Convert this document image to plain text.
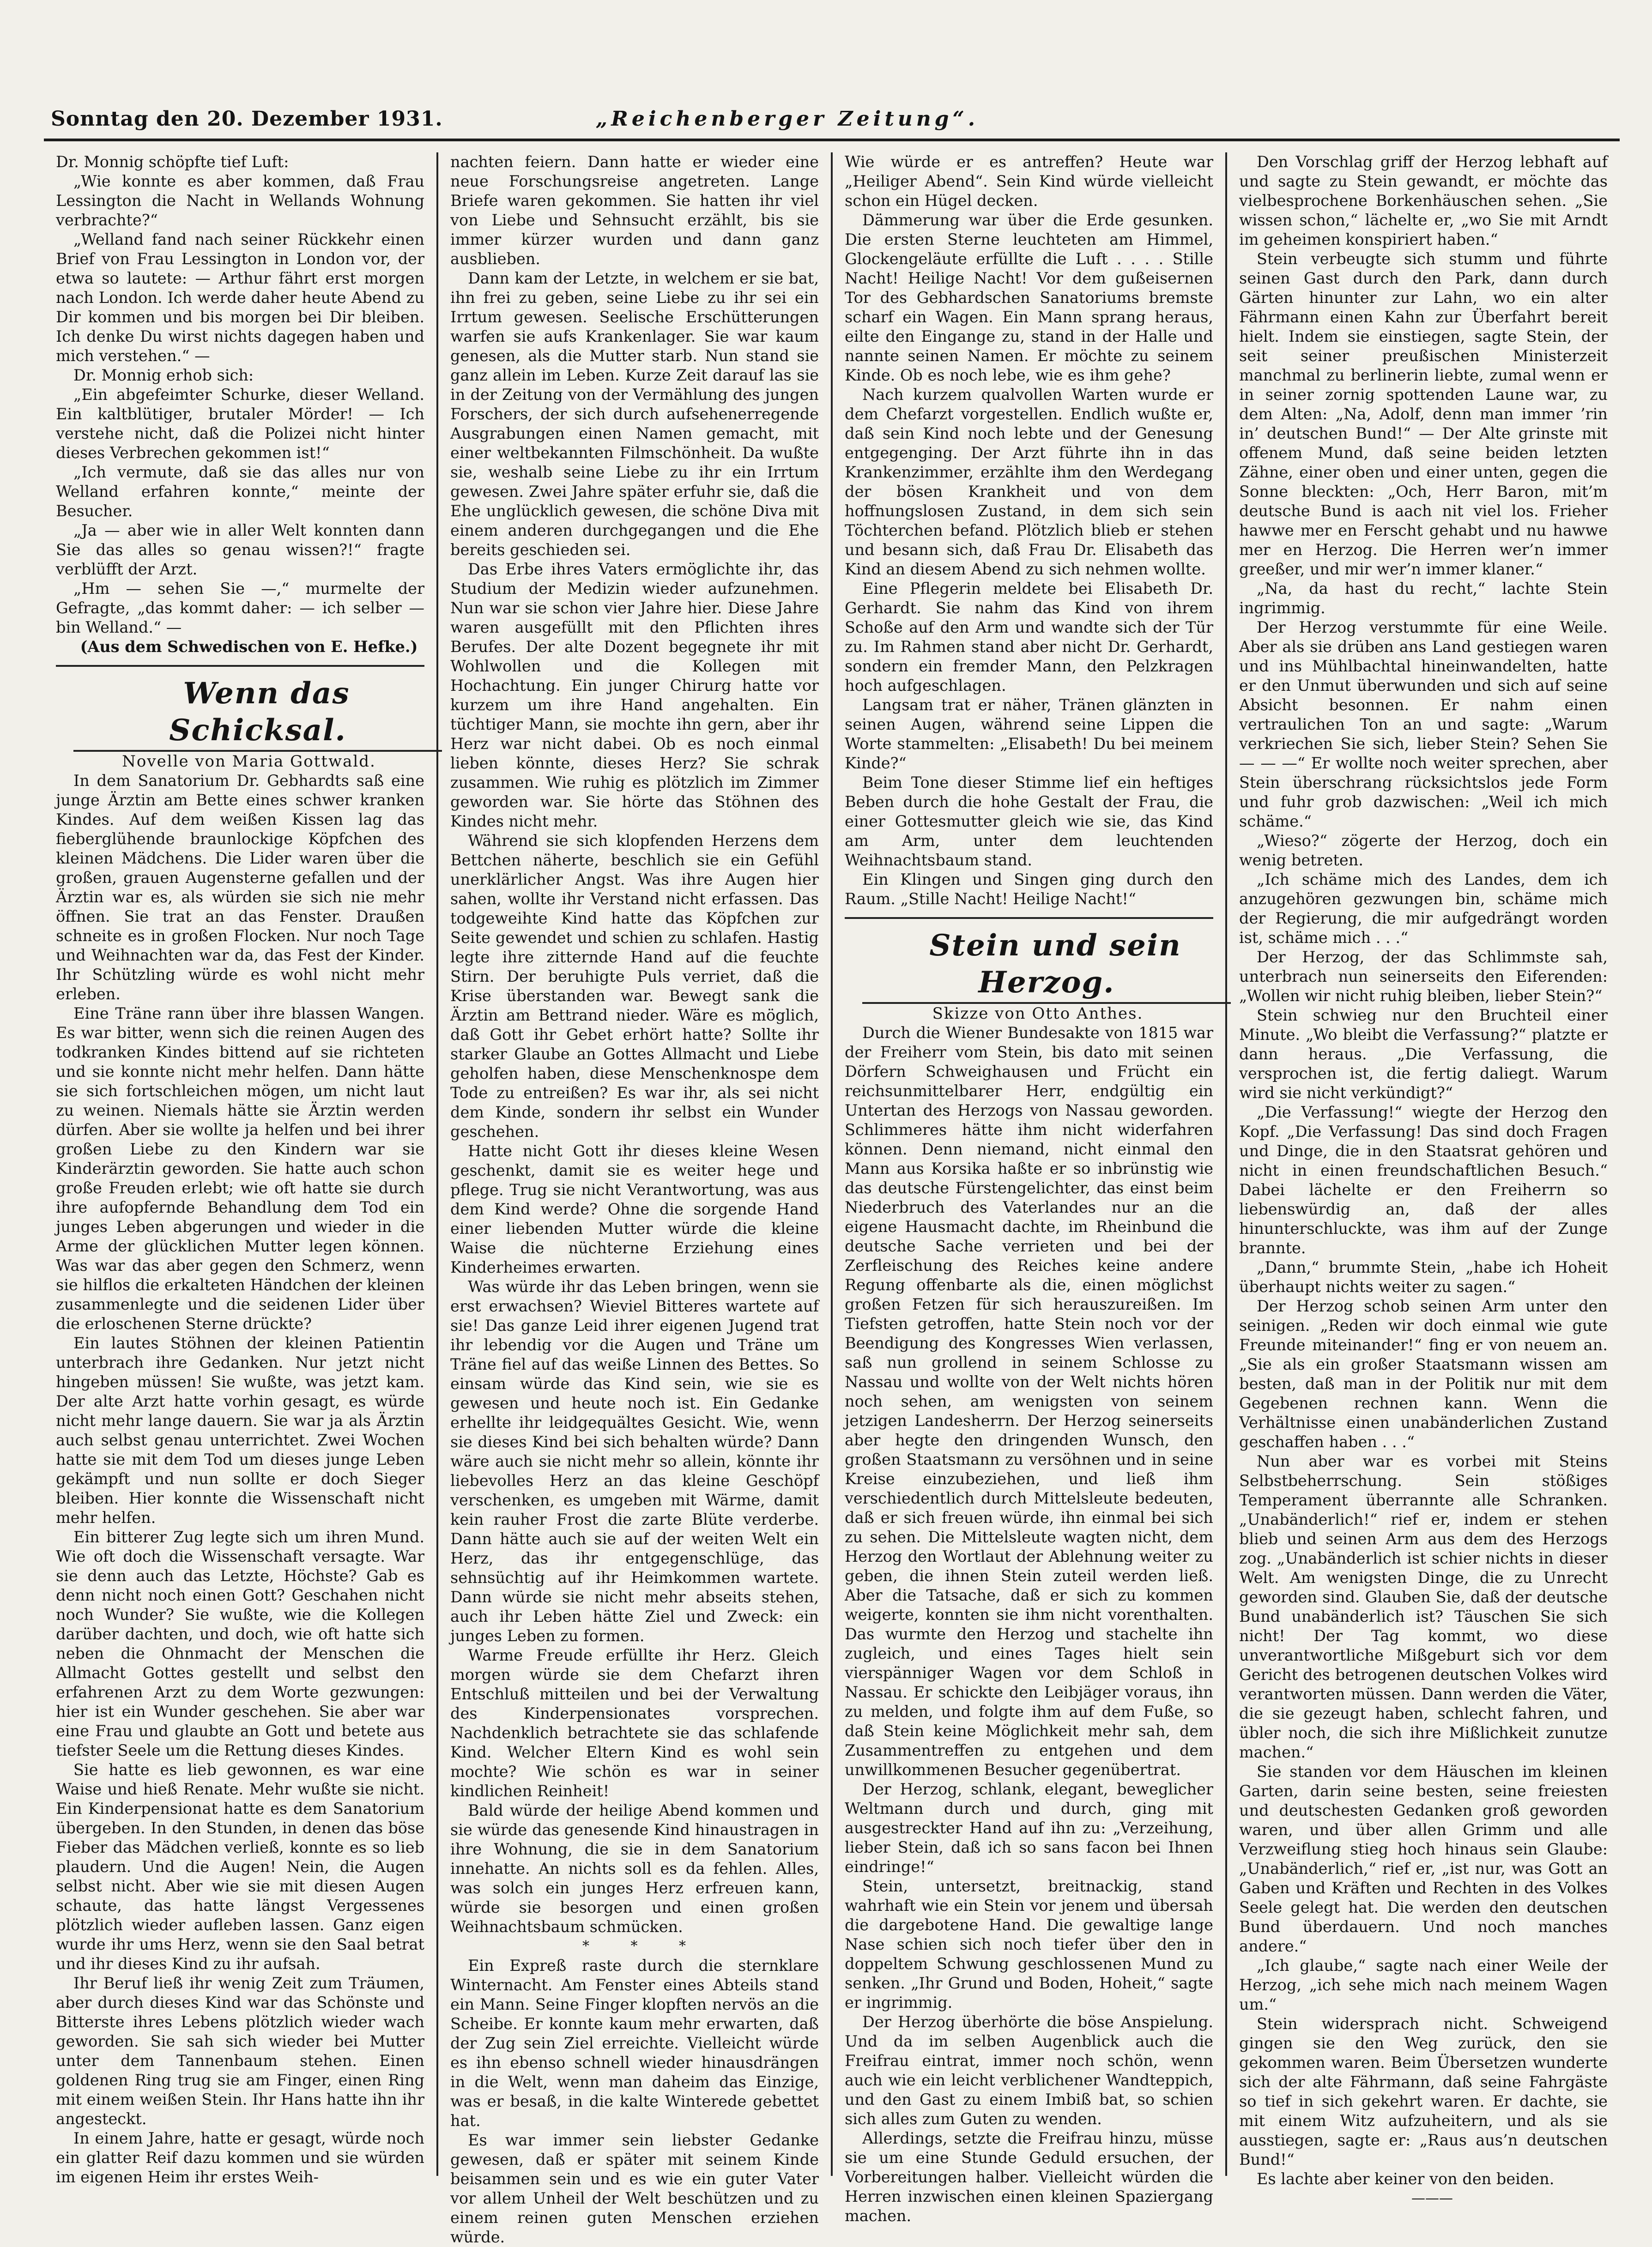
Sonntag den 20. Dezember 1931.	„Reichenberger Zeitung“.

Dr. Monnig schöpfte tief Luft:

„Wie konnte es aber kommen, daß Frau Lessington die Nacht in Wellands Wohnung verbrachte?“

„Welland fand nach seiner Rückkehr einen Brief von Frau Lessington in London vor, der etwa so lautete: — Arthur fährt erst morgen nach London. Ich werde daher heute Abend zu Dir kommen und bis morgen bei Dir bleiben. Ich denke Du wirst nichts dagegen haben und mich verstehen.“ —

Dr. Monnig erhob sich:

„Ein abgefeimter Schurke, dieser Welland. Ein kaltblütiger, brutaler Mörder! — Ich verstehe nicht, daß die Polizei nicht hinter dieses Verbrechen gekommen ist!“

„Ich vermute, daß sie das alles nur von Welland erfahren konnte,“ meinte der Besucher.

„Ja — aber wie in aller Welt konnten dann Sie das alles so genau wissen?!“ fragte verblüfft der Arzt.

„Hm — sehen Sie —,“ murmelte der Gefragte, „das kommt daher: — ich selber — bin Welland.“ —

(Aus dem Schwedischen von E. Hefke.)

Wenn das Schicksal.

Novelle von Maria Gottwald.

In dem Sanatorium Dr. Gebhardts saß eine junge Ärztin am Bette eines schwer kranken Kindes. Auf dem weißen Kissen lag das fieberglühende braunlockige Köpfchen des kleinen Mädchens. Die Lider waren über die großen, grauen Augensterne gefallen und der Ärztin war es, als würden sie sich nie mehr öffnen. Sie trat an das Fenster. Draußen schneite es in großen Flocken. Nur noch Tage und Weihnachten war da, das Fest der Kinder. Ihr Schützling würde es wohl nicht mehr erleben.

Eine Träne rann über ihre blassen Wangen. Es war bitter, wenn sich die reinen Augen des todkranken Kindes bittend auf sie richteten und sie konnte nicht mehr helfen. Dann hätte sie sich fortschleichen mögen, um nicht laut zu weinen. Niemals hätte sie Ärztin werden dürfen. Aber sie wollte ja helfen und bei ihrer großen Liebe zu den Kindern war sie Kinderärztin geworden. Sie hatte auch schon große Freuden erlebt; wie oft hatte sie durch ihre aufopfernde Behandlung dem Tod ein junges Leben abgerungen und wieder in die Arme der glücklichen Mutter legen können. Was war das aber gegen den Schmerz, wenn sie hilflos die erkalteten Händchen der kleinen zusammenlegte und die seidenen Lider über die erloschenen Sterne drückte?

Ein lautes Stöhnen der kleinen Patientin unterbrach ihre Gedanken. Nur jetzt nicht hingeben müssen! Sie wußte, was jetzt kam. Der alte Arzt hatte vorhin gesagt, es würde nicht mehr lange dauern. Sie war ja als Ärztin auch selbst genau unterrichtet. Zwei Wochen hatte sie mit dem Tod um dieses junge Leben gekämpft und nun sollte er doch Sieger bleiben. Hier konnte die Wissenschaft nicht mehr helfen.

Ein bitterer Zug legte sich um ihren Mund. Wie oft doch die Wissenschaft versagte. War sie denn auch das Letzte, Höchste? Gab es denn nicht noch einen Gott? Geschahen nicht noch Wunder? Sie wußte, wie die Kollegen darüber dachten, und doch, wie oft hatte sich neben die Ohnmacht der Menschen die Allmacht Gottes gestellt und selbst den erfahrenen Arzt zu dem Worte gezwungen: hier ist ein Wunder geschehen. Sie aber war eine Frau und glaubte an Gott und betete aus tiefster Seele um die Rettung dieses Kindes.

Sie hatte es lieb gewonnen, es war eine Waise und hieß Renate. Mehr wußte sie nicht. Ein Kinderpensionat hatte es dem Sanatorium übergeben. In den Stunden, in denen das böse Fieber das Mädchen verließ, konnte es so lieb plaudern. Und die Augen! Nein, die Augen selbst nicht. Aber wie sie mit diesen Augen schaute, das hatte längst Vergessenes plötzlich wieder aufleben lassen. Ganz eigen wurde ihr ums Herz, wenn sie den Saal betrat und ihr dieses Kind zu ihr aufsah.

Ihr Beruf ließ ihr wenig Zeit zum Träumen, aber durch dieses Kind war das Schönste und Bitterste ihres Lebens plötzlich wieder wach geworden. Sie sah sich wieder bei Mutter unter dem Tannenbaum stehen. Einen goldenen Ring trug sie am Finger, einen Ring mit einem weißen Stein. Ihr Hans hatte ihn ihr angesteckt.

In einem Jahre, hatte er gesagt, würde noch ein glatter Reif dazu kommen und sie würden im eigenen Heim ihr erstes Weih-

nachten feiern. Dann hatte er wieder eine neue Forschungsreise angetreten. Lange Briefe waren gekommen. Sie hatten ihr viel von Liebe und Sehnsucht erzählt, bis sie immer kürzer wurden und dann ganz ausblieben.

Dann kam der Letzte, in welchem er sie bat, ihn frei zu geben, seine Liebe zu ihr sei ein Irrtum gewesen. Seelische Erschütterungen warfen sie aufs Krankenlager. Sie war kaum genesen, als die Mutter starb. Nun stand sie ganz allein im Leben. Kurze Zeit darauf las sie in der Zeitung von der Vermählung des jungen Forschers, der sich durch aufsehenerregende Ausgrabungen einen Namen gemacht, mit einer weltbekannten Filmschönheit. Da wußte sie, weshalb seine Liebe zu ihr ein Irrtum gewesen. Zwei Jahre später erfuhr sie, daß die Ehe unglücklich gewesen, die schöne Diva mit einem anderen durchgegangen und die Ehe bereits geschieden sei.

Das Erbe ihres Vaters ermöglichte ihr, das Studium der Medizin wieder aufzunehmen. Nun war sie schon vier Jahre hier. Diese Jahre waren ausgefüllt mit den Pflichten ihres Berufes. Der alte Dozent begegnete ihr mit Wohlwollen und die Kollegen mit Hochachtung. Ein junger Chirurg hatte vor kurzem um ihre Hand angehalten. Ein tüchtiger Mann, sie mochte ihn gern, aber ihr Herz war nicht dabei. Ob es noch einmal lieben könnte, dieses Herz? Sie schrak zusammen. Wie ruhig es plötzlich im Zimmer geworden war. Sie hörte das Stöhnen des Kindes nicht mehr.

Während sie sich klopfenden Herzens dem Bettchen näherte, beschlich sie ein Gefühl unerklärlicher Angst. Was ihre Augen hier sahen, wollte ihr Verstand nicht erfassen. Das todgeweihte Kind hatte das Köpfchen zur Seite gewendet und schien zu schlafen. Hastig legte ihre zitternde Hand auf die feuchte Stirn. Der beruhigte Puls verriet, daß die Krise überstanden war. Bewegt sank die Ärztin am Bettrand nieder. Wäre es möglich, daß Gott ihr Gebet erhört hatte? Sollte ihr starker Glaube an Gottes Allmacht und Liebe geholfen haben, diese Menschenknospe dem Tode zu entreißen? Es war ihr, als sei nicht dem Kinde, sondern ihr selbst ein Wunder geschehen.

Hatte nicht Gott ihr dieses kleine Wesen geschenkt, damit sie es weiter hege und pflege. Trug sie nicht Verantwortung, was aus dem Kind werde? Ohne die sorgende Hand einer liebenden Mutter würde die kleine Waise die nüchterne Erziehung eines Kinderheimes erwarten.

Was würde ihr das Leben bringen, wenn sie erst erwachsen? Wieviel Bitteres wartete auf sie! Das ganze Leid ihrer eigenen Jugend trat ihr lebendig vor die Augen und Träne um Träne fiel auf das weiße Linnen des Bettes. So einsam würde das Kind sein, wie sie es gewesen und heute noch ist. Ein Gedanke erhellte ihr leidgequältes Gesicht. Wie, wenn sie dieses Kind bei sich behalten würde? Dann wäre auch sie nicht mehr so allein, könnte ihr liebevolles Herz an das kleine Geschöpf verschenken, es umgeben mit Wärme, damit kein rauher Frost die zarte Blüte verderbe. Dann hätte auch sie auf der weiten Welt ein Herz, das ihr entgegenschlüge, das sehnsüchtig auf ihr Heimkommen wartete. Dann würde sie nicht mehr abseits stehen, auch ihr Leben hätte Ziel und Zweck: ein junges Leben zu formen.

Warme Freude erfüllte ihr Herz. Gleich morgen würde sie dem Chefarzt ihren Entschluß mitteilen und bei der Verwaltung des Kinderpensionates vorsprechen. Nachdenklich betrachtete sie das schlafende Kind. Welcher Eltern Kind es wohl sein mochte? Wie schön es war in seiner kindlichen Reinheit!

Bald würde der heilige Abend kommen und sie würde das genesende Kind hinaustragen in ihre Wohnung, die sie in dem Sanatorium innehatte. An nichts soll es da fehlen. Alles, was solch ein junges Herz erfreuen kann, würde sie besorgen und einen großen Weihnachtsbaum schmücken.

* * *

Ein Expreß raste durch die sternklare Winternacht. Am Fenster eines Abteils stand ein Mann. Seine Finger klopften nervös an die Scheibe. Er konnte kaum mehr erwarten, daß der Zug sein Ziel erreichte. Vielleicht würde es ihn ebenso schnell wieder hinausdrängen in die Welt, wenn man daheim das Einzige, was er besaß, in die kalte Winterede gebettet hat.

Es war immer sein liebster Gedanke gewesen, daß er später mit seinem Kinde beisammen sein und es wie ein guter Vater vor allem Unheil der Welt beschützen und zu einem reinen guten Menschen erziehen würde.

Wie würde er es antreffen? Heute war „Heiliger Abend“. Sein Kind würde vielleicht schon ein Hügel decken.

Dämmerung war über die Erde gesunken. Die ersten Sterne leuchteten am Himmel, Glockengeläute erfüllte die Luft . . . . Stille Nacht! Heilige Nacht! Vor dem gußeisernen Tor des Gebhardschen Sanatoriums bremste scharf ein Wagen. Ein Mann sprang heraus, eilte den Eingange zu, stand in der Halle und nannte seinen Namen. Er möchte zu seinem Kinde. Ob es noch lebe, wie es ihm gehe?

Nach kurzem qualvollen Warten wurde er dem Chefarzt vorgestellen. Endlich wußte er, daß sein Kind noch lebte und der Genesung entgegenging. Der Arzt führte ihn in das Krankenzimmer, erzählte ihm den Werdegang der bösen Krankheit und von dem hoffnungslosen Zustand, in dem sich sein Töchterchen befand. Plötzlich blieb er stehen und besann sich, daß Frau Dr. Elisabeth das Kind an diesem Abend zu sich nehmen wollte.

Eine Pflegerin meldete bei Elisabeth Dr. Gerhardt. Sie nahm das Kind von ihrem Schoße auf den Arm und wandte sich der Tür zu. Im Rahmen stand aber nicht Dr. Gerhardt, sondern ein fremder Mann, den Pelzkragen hoch aufgeschlagen.

Langsam trat er näher, Tränen glänzten in seinen Augen, während seine Lippen die Worte stammelten: „Elisabeth! Du bei meinem Kinde?“

Beim Tone dieser Stimme lief ein heftiges Beben durch die hohe Gestalt der Frau, die einer Gottesmutter gleich wie sie, das Kind am Arm, unter dem leuchtenden Weihnachtsbaum stand.

Ein Klingen und Singen ging durch den Raum. „Stille Nacht! Heilige Nacht!“

Stein und sein Herzog.

Skizze von Otto Anthes.

Durch die Wiener Bundesakte von 1815 war der Freiherr vom Stein, bis dato mit seinen Dörfern Schweighausen und Frücht ein reichsunmittelbarer Herr, endgültig ein Untertan des Herzogs von Nassau geworden. Schlimmeres hätte ihm nicht widerfahren können. Denn niemand, nicht einmal den Mann aus Korsika haßte er so inbrünstig wie das deutsche Fürstengelichter, das einst beim Niederbruch des Vaterlandes nur an die eigene Hausmacht dachte, im Rheinbund die deutsche Sache verrieten und bei der Zerfleischung des Reiches keine andere Regung offenbarte als die, einen möglichst großen Fetzen für sich herauszureißen. Im Tiefsten getroffen, hatte Stein noch vor der Beendigung des Kongresses Wien verlassen, saß nun grollend in seinem Schlosse zu Nassau und wollte von der Welt nichts hören noch sehen, am wenigsten von seinem jetzigen Landesherrn. Der Herzog seinerseits aber hegte den dringenden Wunsch, den großen Staatsmann zu versöhnen und in seine Kreise einzubeziehen, und ließ ihm verschiedentlich durch Mittelsleute bedeuten, daß er sich freuen würde, ihn einmal bei sich zu sehen. Die Mittelsleute wagten nicht, dem Herzog den Wortlaut der Ablehnung weiter zu geben, die ihnen Stein zuteil werden ließ. Aber die Tatsache, daß er sich zu kommen weigerte, konnten sie ihm nicht vorenthalten. Das wurmte den Herzog und stachelte ihn zugleich, und eines Tages hielt sein vierspänniger Wagen vor dem Schloß in Nassau. Er schickte den Leibjäger voraus, ihn zu melden, und folgte ihm auf dem Fuße, so daß Stein keine Möglichkeit mehr sah, dem Zusammentreffen zu entgehen und dem unwillkommenen Besucher gegenübertrat.

Der Herzog, schlank, elegant, beweglicher Weltmann durch und durch, ging mit ausgestreckter Hand auf ihn zu: „Verzeihung, lieber Stein, daß ich so sans facon bei Ihnen eindringe!“

Stein, untersetzt, breitnackig, stand wahrhaft wie ein Stein vor jenem und übersah die dargebotene Hand. Die gewaltige lange Nase schien sich noch tiefer über den in doppeltem Schwung geschlossenen Mund zu senken. „Ihr Grund und Boden, Hoheit,“ sagte er ingrimmig.

Der Herzog überhörte die böse Anspielung. Und da im selben Augenblick auch die Freifrau eintrat, immer noch schön, wenn auch wie ein leicht verblichener Wandteppich, und den Gast zu einem Imbiß bat, so schien sich alles zum Guten zu wenden.

Allerdings, setzte die Freifrau hinzu, müsse sie um eine Stunde Geduld ersuchen, der Vorbereitungen halber. Vielleicht würden die Herren inzwischen einen kleinen Spaziergang machen.

Den Vorschlag griff der Herzog lebhaft auf und sagte zu Stein gewandt, er möchte das vielbesprochene Borkenhäuschen sehen. „Sie wissen schon,“ lächelte er, „wo Sie mit Arndt im geheimen konspiriert haben.“

Stein verbeugte sich stumm und führte seinen Gast durch den Park, dann durch Gärten hinunter zur Lahn, wo ein alter Fährmann einen Kahn zur Überfahrt bereit hielt. Indem sie einstiegen, sagte Stein, der seit seiner preußischen Ministerzeit manchmal zu berlinerin liebte, zumal wenn er in seiner zornig spottenden Laune war, zu dem Alten: „Na, Adolf, denn man immer ’rin in’ deutschen Bund!“ — Der Alte grinste mit offenem Mund, daß seine beiden letzten Zähne, einer oben und einer unten, gegen die Sonne bleckten: „Och, Herr Baron, mit’m deutsche Bund is aach nit viel los. Frieher hawwe mer en Ferscht gehabt und nu hawwe mer en Herzog. Die Herren wer’n immer greeßer, und mir wer’n immer klaner.“

„Na, da hast du recht,“ lachte Stein ingrimmig.

Der Herzog verstummte für eine Weile. Aber als sie drüben ans Land gestiegen waren und ins Mühlbachtal hineinwandelten, hatte er den Unmut überwunden und sich auf seine Absicht besonnen. Er nahm einen vertraulichen Ton an und sagte: „Warum verkriechen Sie sich, lieber Stein? Sehen Sie — — —“ Er wollte noch weiter sprechen, aber Stein überschrang rücksichtslos jede Form und fuhr grob dazwischen: „Weil ich mich schäme.“

„Wieso?“ zögerte der Herzog, doch ein wenig betreten.

„Ich schäme mich des Landes, dem ich anzugehören gezwungen bin, schäme mich der Regierung, die mir aufgedrängt worden ist, schäme mich . . .“

Der Herzog, der das Schlimmste sah, unterbrach nun seinerseits den Eiferenden: „Wollen wir nicht ruhig bleiben, lieber Stein?“

Stein schwieg nur den Bruchteil einer Minute. „Wo bleibt die Verfassung?“ platzte er dann heraus. „Die Verfassung, die versprochen ist, die fertig daliegt. Warum wird sie nicht verkündigt?“

„Die Verfassung!“ wiegte der Herzog den Kopf. „Die Verfassung! Das sind doch Fragen und Dinge, die in den Staatsrat gehören und nicht in einen freundschaftlichen Besuch.“ Dabei lächelte er den Freiherrn so liebenswürdig an, daß der alles hinunterschluckte, was ihm auf der Zunge brannte.

„Dann,“ brummte Stein, „habe ich Hoheit überhaupt nichts weiter zu sagen.“

Der Herzog schob seinen Arm unter den seinigen. „Reden wir doch einmal wie gute Freunde miteinander!“ fing er von neuem an. „Sie als ein großer Staatsmann wissen am besten, daß man in der Politik nur mit dem Gegebenen rechnen kann. Wenn die Verhältnisse einen unabänderlichen Zustand geschaffen haben . . .“

Nun aber war es vorbei mit Steins Selbstbeherrschung. Sein stößiges Temperament überrannte alle Schranken. „Unabänderlich!“ rief er, indem er stehen blieb und seinen Arm aus dem des Herzogs zog. „Unabänderlich ist schier nichts in dieser Welt. Am wenigsten Dinge, die zu Unrecht geworden sind. Glauben Sie, daß der deutsche Bund unabänderlich ist? Täuschen Sie sich nicht! Der Tag kommt, wo diese unverantwortliche Mißgeburt sich vor dem Gericht des betrogenen deutschen Volkes wird verantworten müssen. Dann werden die Väter, die sie gezeugt haben, schlecht fahren, und übler noch, die sich ihre Mißlichkeit zunutze machen.“

Sie standen vor dem Häuschen im kleinen Garten, darin seine besten, seine freiesten und deutschesten Gedanken groß geworden waren, und über allen Grimm und alle Verzweiflung stieg hoch hinaus sein Glaube: „Unabänderlich,“ rief er, „ist nur, was Gott an Gaben und Kräften und Rechten in des Volkes Seele gelegt hat. Die werden den deutschen Bund überdauern. Und noch manches andere.“

„Ich glaube,“ sagte nach einer Weile der Herzog, „ich sehe mich nach meinem Wagen um.“

Stein widersprach nicht. Schweigend gingen sie den Weg zurück, den sie gekommen waren. Beim Übersetzen wunderte sich der alte Fährmann, daß seine Fahrgäste so tief in sich gekehrt waren. Er dachte, sie mit einem Witz aufzuheitern, und als sie ausstiegen, sagte er: „Raus aus’n deutschen Bund!“

Es lachte aber keiner von den beiden.

———
